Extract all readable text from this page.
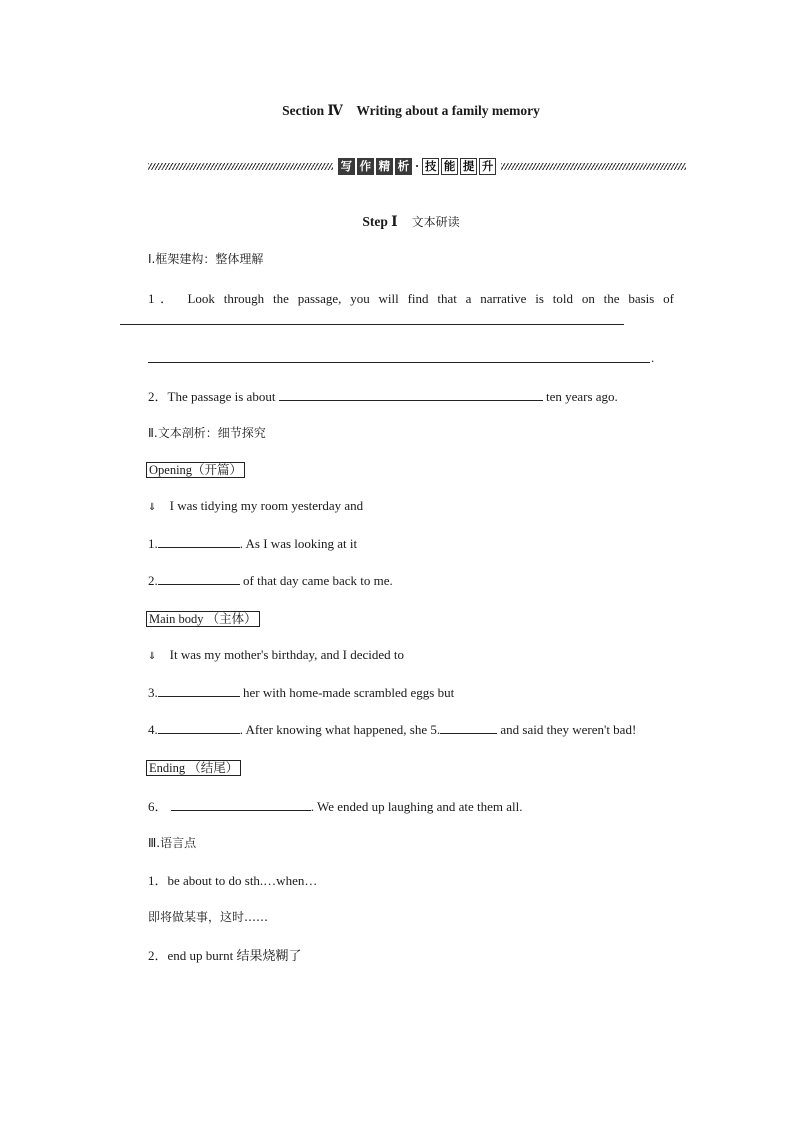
Section Ⅳ　Writing about a family memory
写 作 精 析 · 技 能 提 升
Step Ⅰ 文本研读
Ⅰ.框架建构：整体理解
1． Look through the passage, you will find that a narrative is told on the basis of
.
2．The passage is about	ten years ago.
Ⅱ.文本剖析：细节探究
Opening（开篇）
⇓ I was tidying my room yesterday and
1.	. As I was looking at it
2.	of that day came back to me.
Main body （主体）
⇓ It was my mother's birthday, and I decided to
3.	her with home-made scrambled eggs but
4.	. After knowing what happened, she 5.	and said they weren't bad!
Ending （结尾）
6．	. We ended up laughing and ate them all.
Ⅲ.语言点
1．be about to do sth.…when…
即将做某事，这时……
2．end up burnt 结果烧糊了
